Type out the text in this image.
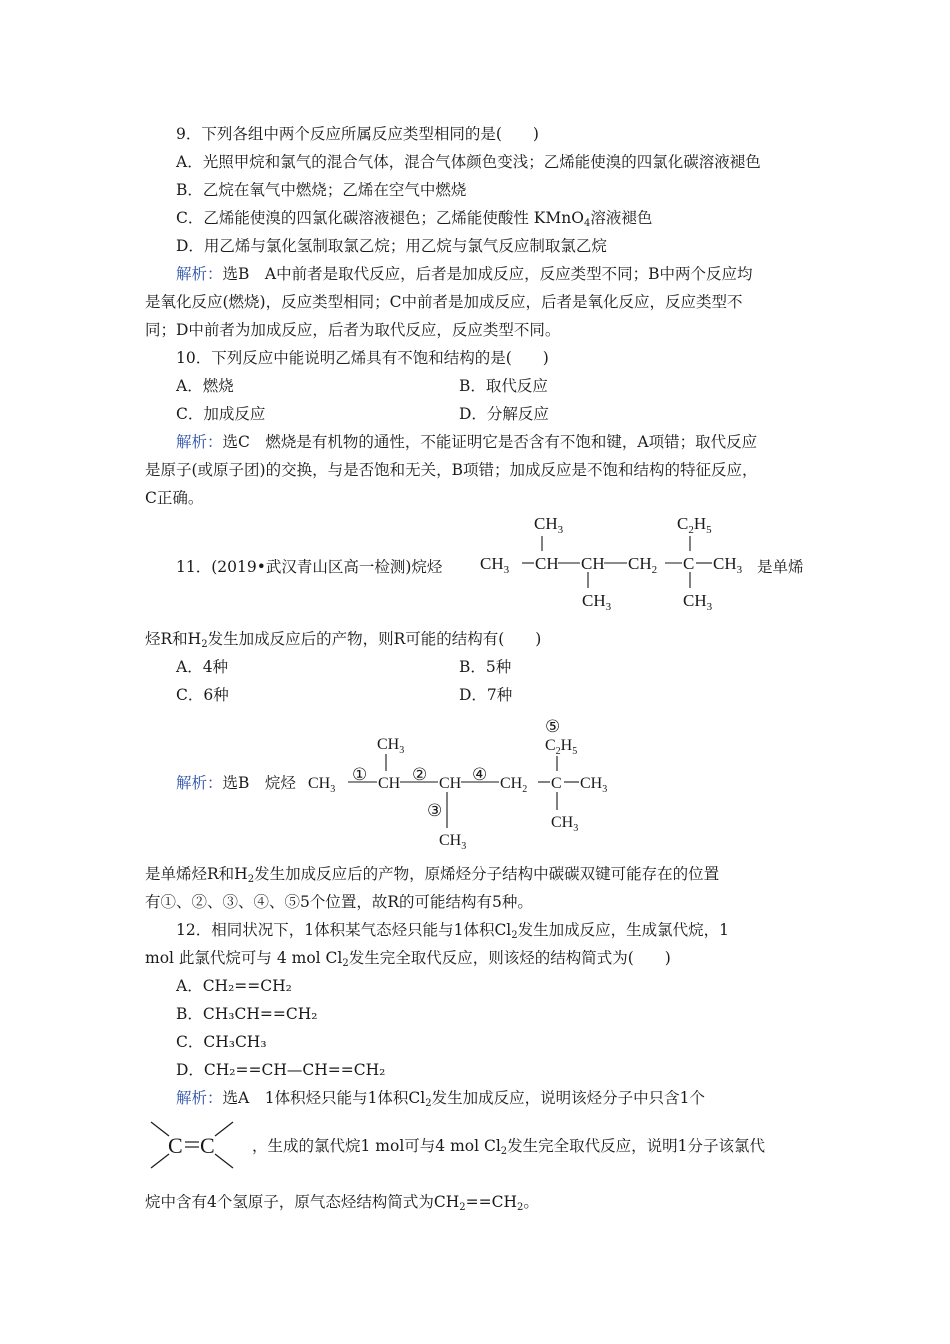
9．下列各组中两个反应所属反应类型相同的是(　　)
A．光照甲烷和氯气的混合气体，混合气体颜色变浅；乙烯能使溴的四氯化碳溶液褪色
B．乙烷在氧气中燃烧；乙烯在空气中燃烧
C．乙烯能使溴的四氯化碳溶液褪色；乙烯能使酸性 KMnO$_4$溶液褪色
D．用乙烯与氯化氢制取氯乙烷；用乙烷与氯气反应制取氯乙烷
解析：选B　A中前者是取代反应，后者是加成反应，反应类型不同；B中两个反应均
是氧化反应(燃烧)，反应类型相同；C中前者是加成反应，后者是氧化反应，反应类型不
同；D中前者为加成反应，后者为取代反应，反应类型不同。
10．下列反应中能说明乙烯具有不饱和结构的是(　　)
A．燃烧	B．取代反应
C．加成反应	D．分解反应
解析：选C　燃烧是有机物的通性，不能证明它是否含有不饱和键，A项错；取代反应
是原子(或原子团)的交换，与是否饱和无关，B项错；加成反应是不饱和结构的特征反应，
C正确。
11．(2019•武汉青山区高一检测)烷烃
$CH_3$	$C_2H_5$
$CH_3$ CH CH $CH_2$ C $CH_3$
$CH_3$	$CH_3$
是单烯
烃R和$H_2$发生加成反应后的产物，则R可能的结构有(　　)
A．4种	B．5种
C．6种	D．7种
解析：选B　烷烃
$CH_3$
⑤
$C_2H_5$
$CH_3$
① CH ② CH ④ $CH_2$ C $CH_3$
③
$CH_3$
$CH_3$
是单烯烃R和$H_2$发生加成反应后的产物，原烯烃分子结构中碳碳双键可能存在的位置
有①、②、③、④、⑤5个位置，故R的可能结构有5种。
12．相同状况下，1体积某气态烃只能与1体积$Cl_2$发生加成反应，生成氯代烷，1
mol 此氯代烷可与 4 mol $Cl_2$发生完全取代反应，则该烃的结构简式为(　　)
A．CH₂==CH₂
B．CH₃CH==CH₂
C．CH₃CH₃
D．CH₂==CH—CH==CH₂
解析：选A　1体积烃只能与1体积$Cl_2$发生加成反应，说明该烃分子中只含1个
C C ，生成的氯代烷1 mol可与4 mol $Cl_2$发生完全取代反应，说明1分子该氯代
烷中含有4个氢原子，原气态烃结构简式为$CH_2==CH_2$。
